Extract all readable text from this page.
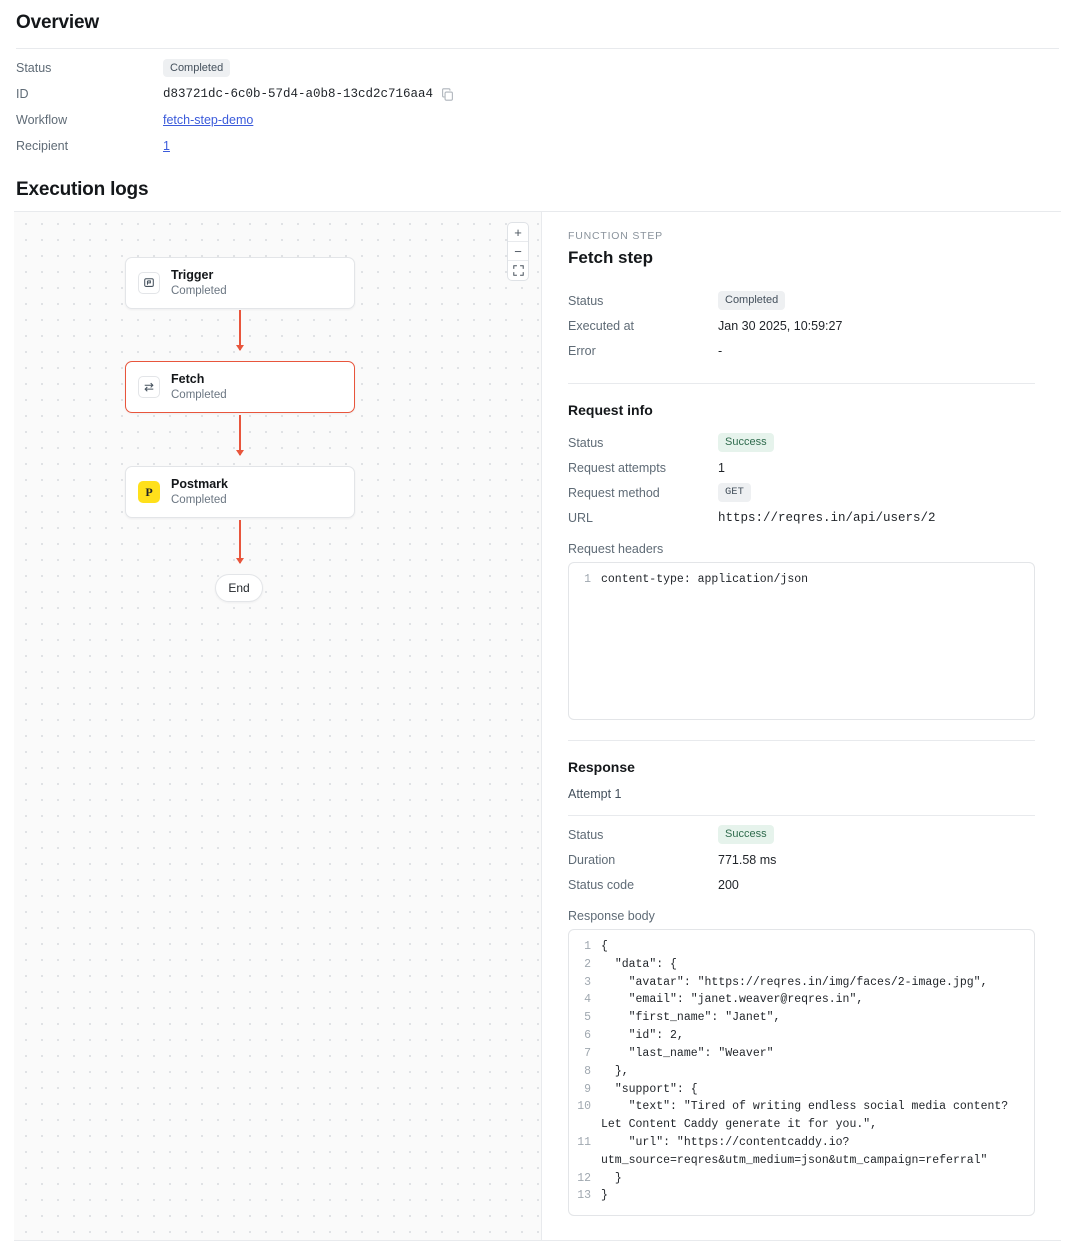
Overview
Status	Completed
ID	d83721dc-6c0b-57d4-a0b8-13cd2c716aa4
Workflow	fetch-step-demo
Recipient	1
Execution logs
+
−
Trigger
Completed
Fetch
Completed
P
Postmark
Completed
End
FUNCTION STEP
Fetch step
Status	Completed
Executed at	Jan 30 2025, 10:59:27
Error	-
Request info
Status	Success
Request attempts	1
Request method	GET
URL	https://reqres.in/api/users/2
Request headers
1 content-type: application/json
Response
Attempt 1
Status	Success
Duration	771.58 ms
Status code	200
Response body
1 {
2 "data": {
3 "avatar": "https://reqres.in/img/faces/2-image.jpg",
4 "email": "janet.weaver@reqres.in",
5 "first_name": "Janet",
6 "id": 2,
7 "last_name": "Weaver"
8 },
9 "support": {
10 "text": "Tired of writing endless social media content? Let Content Caddy generate it for you.",
11 "url": "https://contentcaddy.io?utm_source=reqres&utm_medium=json&utm_campaign=referral"
12 }
13 }
